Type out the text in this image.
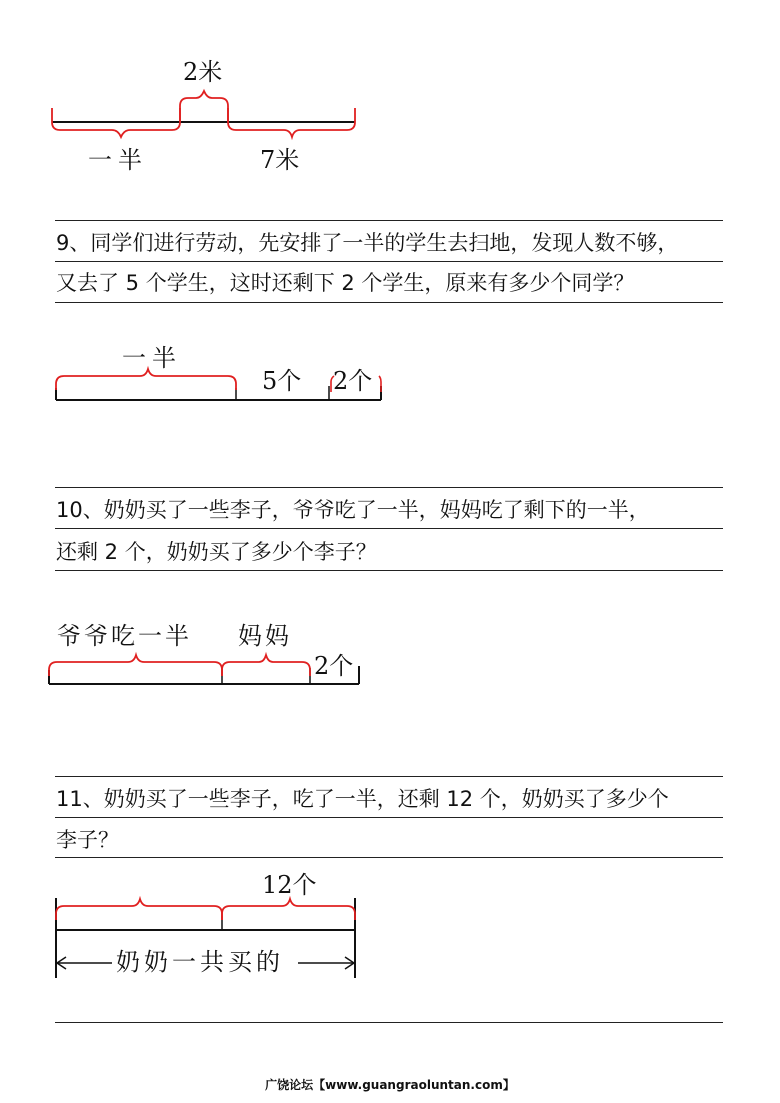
2米
一半	7米
9、同学们进行劳动，先安排了一半的学生去扫地，发现人数不够，
又去了 5 个学生，这时还剩下 2 个学生，原来有多少个同学？
一半
5个 2个
10、奶奶买了一些李子，爷爷吃了一半，妈妈吃了剩下的一半，
还剩 2 个，奶奶买了多少个李子？
爷爷吃一半 妈妈
2个
11、奶奶买了一些李子，吃了一半，还剩 12 个，奶奶买了多少个
李子？
12个
奶奶一共买的
广饶论坛【www.guangraoluntan.com】
